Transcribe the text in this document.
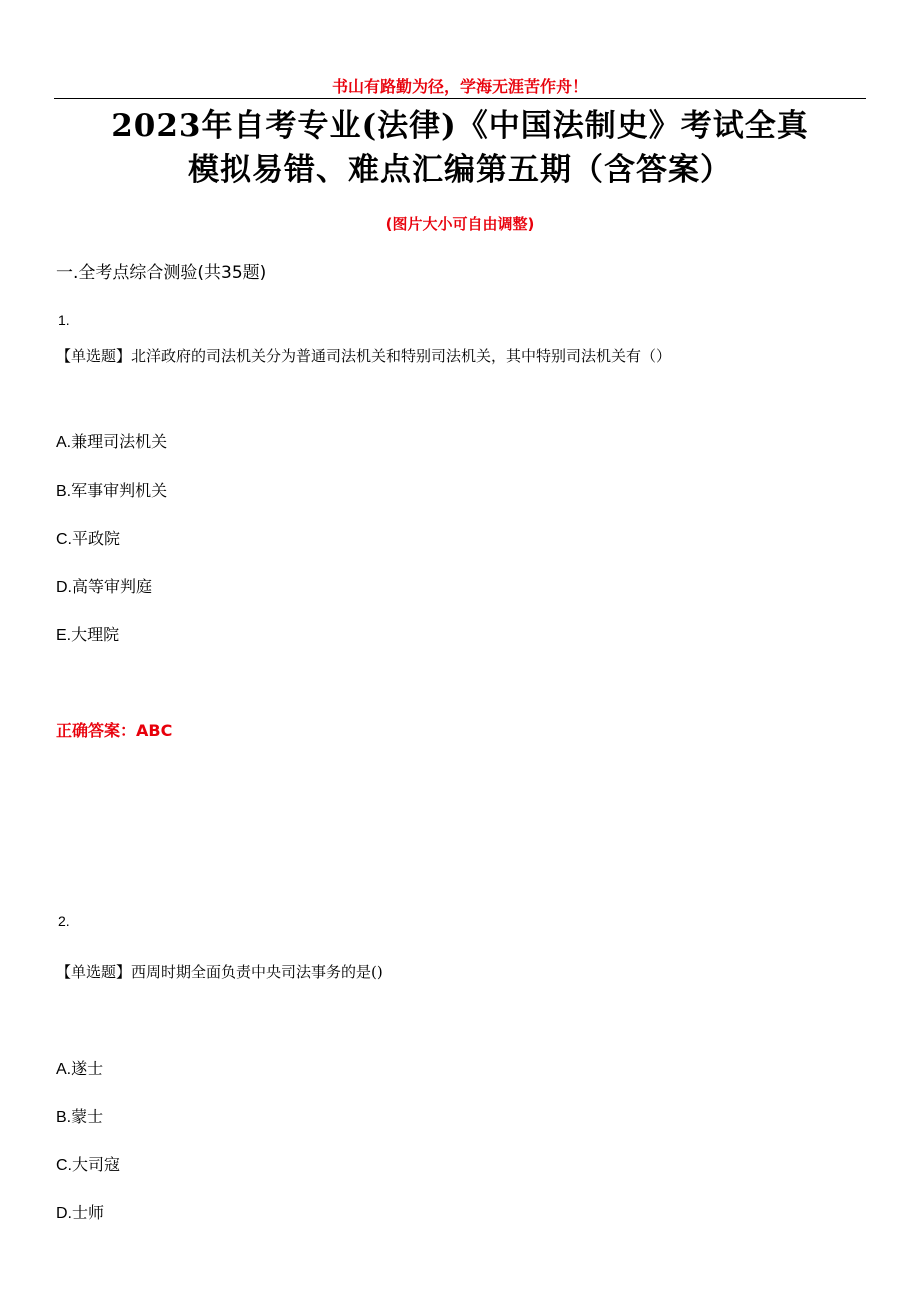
书山有路勤为径，学海无涯苦作舟！
2023年自考专业(法律)《中国法制史》考试全真
模拟易错、难点汇编第五期（含答案）
(图片大小可自由调整)
一.全考点综合测验(共35题)
1.
【单选题】北洋政府的司法机关分为普通司法机关和特别司法机关，其中特别司法机关有（）
A.兼理司法机关
B.军事审判机关
C.平政院
D.高等审判庭
E.大理院
正确答案：ABC
2.
【单选题】西周时期全面负责中央司法事务的是()
A.遂士
B.蒙士
C.大司寇
D.士师
